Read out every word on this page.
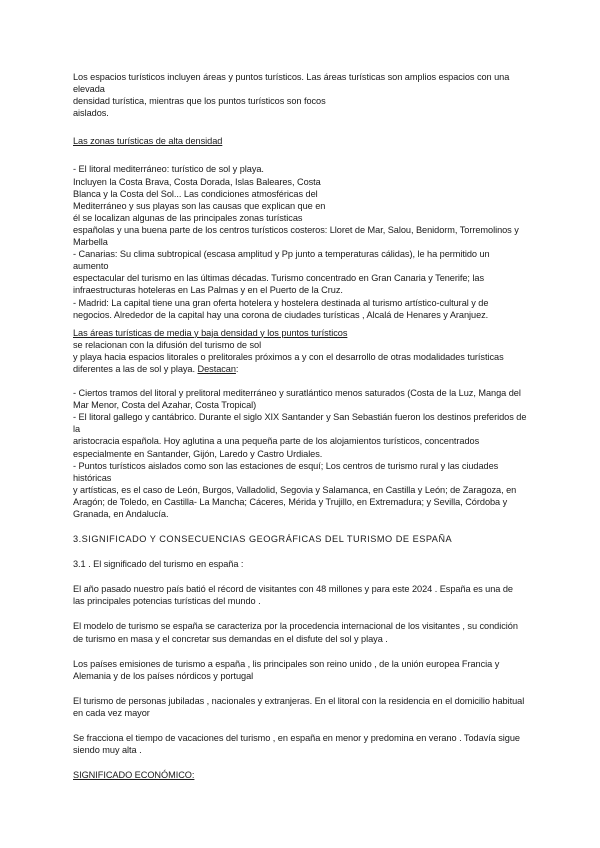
Los espacios turísticos incluyen áreas y puntos turísticos. Las áreas turísticas son amplios espacios con una
elevada
densidad turística, mientras que los puntos turísticos son focos
aislados.
Las zonas turísticas de alta densidad
- El litoral mediterráneo: turístico de sol y playa.
Incluyen la Costa Brava, Costa Dorada, Islas Baleares, Costa
Blanca y la Costa del Sol... Las condiciones atmosféricas del
Mediterráneo y sus playas son las causas que explican que en
él se localizan algunas de las principales zonas turísticas
españolas y una buena parte de los centros turísticos costeros: Lloret de Mar, Salou, Benidorm, Torremolinos y
Marbella
- Canarias: Su clima subtropical (escasa amplitud y Pp junto a temperaturas cálidas), le ha permitido un
aumento
espectacular del turismo en las últimas décadas. Turismo concentrado en Gran Canaria y Tenerife; las
infraestructuras hoteleras en Las Palmas y en el Puerto de la Cruz.
- Madrid: La capital tiene una gran oferta hotelera y hostelera destinada al turismo artístico-cultural y de
negocios. Alrededor de la capital hay una corona de ciudades turísticas , Alcalá de Henares y Aranjuez.
Las áreas turísticas de media y baja densidad y los puntos turísticos
se relacionan con la difusión del turismo de sol
y playa hacia espacios litorales o prelitorales próximos a y con el desarrollo de otras modalidades turísticas
diferentes a las de sol y playa. Destacan:
- Ciertos tramos del litoral y prelitoral mediterráneo y suratlántico menos saturados (Costa de la Luz, Manga del
Mar Menor, Costa del Azahar, Costa Tropical)
- El litoral gallego y cantábrico. Durante el siglo XIX Santander y San Sebastián fueron los destinos preferidos de
la
aristocracia española. Hoy aglutina a una pequeña parte de los alojamientos turísticos, concentrados
especialmente en Santander, Gijón, Laredo y Castro Urdiales.
- Puntos turísticos aislados como son las estaciones de esquí; Los centros de turismo rural y las ciudades
históricas
y artísticas, es el caso de León, Burgos, Valladolid, Segovia y Salamanca, en Castilla y León; de Zaragoza, en
Aragón; de Toledo, en Castilla- La Mancha; Cáceres, Mérida y Trujillo, en Extremadura; y Sevilla, Córdoba y
Granada, en Andalucía.
3.SIGNIFICADO Y CONSECUENCIAS GEOGRÁFICAS DEL TURISMO DE ESPAÑA
3.1 . El significado del turismo en españa :
El año pasado nuestro país batió el récord de visitantes con 48 millones y para este 2024 . España es una de
las principales potencias turísticas del mundo .
El modelo de turismo se españa se caracteriza por la procedencia internacional de los visitantes , su condición
de turismo en masa y el concretar sus demandas en el disfute del sol y playa .
Los países emisiones de turismo a españa , lis principales son reino unido , de la unión europea Francia y
Alemania y de los países nórdicos y portugal
El turismo de personas jubiladas , nacionales y extranjeras. En el litoral con la residencia en el domicilio habitual
en cada vez mayor
Se fracciona el tiempo de vacaciones del turismo , en españa en menor y predomina en verano . Todavía sigue
siendo muy alta .
SIGNIFICADO ECONÓMICO:
